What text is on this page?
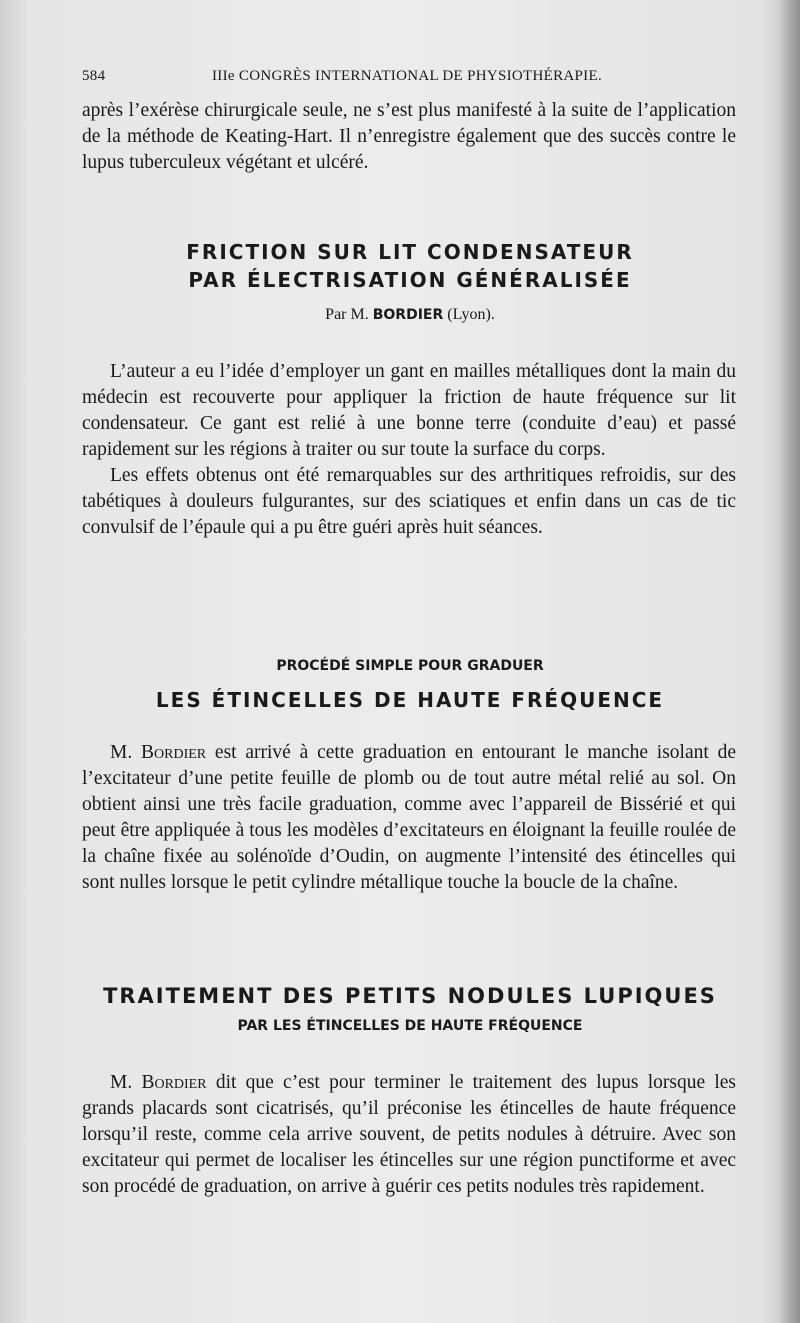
584	IIIe CONGRÈS INTERNATIONAL DE PHYSIOTHÉRAPIE.

après l’exérèse chirurgicale seule, ne s’est plus manifesté à la suite de l’application de la méthode de Keating-Hart. Il n’enregistre également que des succès contre le lupus tuberculeux végétant et ulcéré.

FRICTION SUR LIT CONDENSATEUR
PAR ÉLECTRISATION GÉNÉRALISÉE
Par M. BORDIER (Lyon).

L’auteur a eu l’idée d’employer un gant en mailles métalliques dont la main du médecin est recouverte pour appliquer la friction de haute fréquence sur lit condensateur. Ce gant est relié à une bonne terre (conduite d’eau) et passé rapidement sur les régions à traiter ou sur toute la surface du corps.

Les effets obtenus ont été remarquables sur des arthritiques refroidis, sur des tabétiques à douleurs fulgurantes, sur des sciatiques et enfin dans un cas de tic convulsif de l’épaule qui a pu être guéri après huit séances.

PROCÉDÉ SIMPLE POUR GRADUER
LES ÉTINCELLES DE HAUTE FRÉQUENCE

M. Bordier est arrivé à cette graduation en entourant le manche isolant de l’excitateur d’une petite feuille de plomb ou de tout autre métal relié au sol. On obtient ainsi une très facile graduation, comme avec l’appareil de Bissérié et qui peut être appliquée à tous les modèles d’excitateurs en éloignant la feuille roulée de la chaîne fixée au solénoïde d’Oudin, on augmente l’intensité des étincelles qui sont nulles lorsque le petit cylindre métallique touche la boucle de la chaîne.

TRAITEMENT DES PETITS NODULES LUPIQUES
PAR LES ÉTINCELLES DE HAUTE FRÉQUENCE

M. Bordier dit que c’est pour terminer le traitement des lupus lorsque les grands placards sont cicatrisés, qu’il préconise les étincelles de haute fréquence lorsqu’il reste, comme cela arrive souvent, de petits nodules à détruire. Avec son excitateur qui permet de localiser les étincelles sur une région punctiforme et avec son procédé de graduation, on arrive à guérir ces petits nodules très rapidement.
